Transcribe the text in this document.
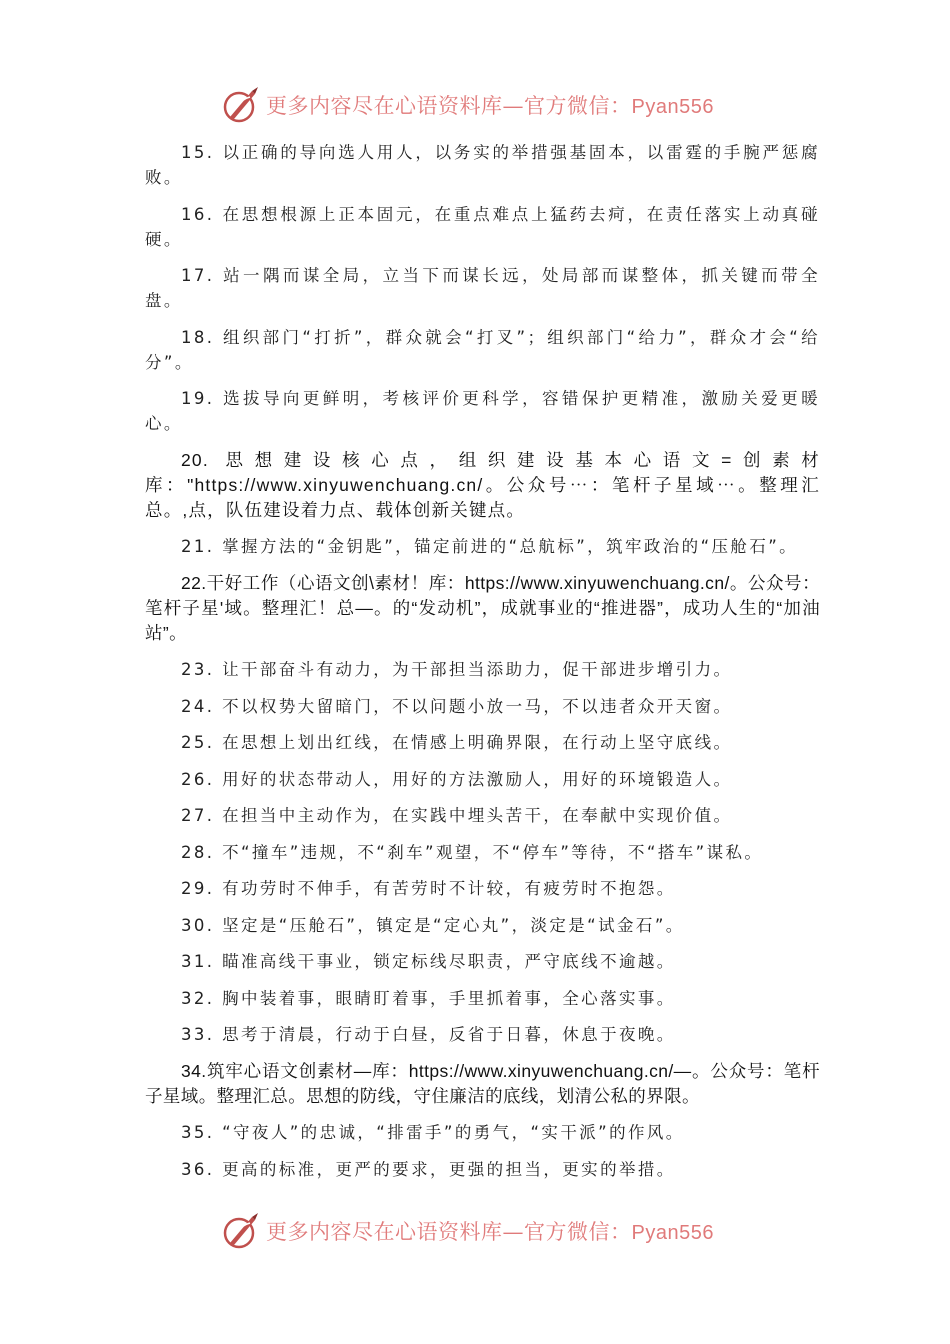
更多内容尽在心语资料库—官方微信：Pyan556

15. 以正确的导向选人用人，以务实的举措强基固本，以雷霆的手腕严惩腐败。

16. 在思想根源上正本固元，在重点难点上猛药去疴，在责任落实上动真碰硬。

17. 站一隅而谋全局，立当下而谋长远，处局部而谋整体，抓关键而带全盘。

18. 组织部门“打折”，群众就会“打叉”；组织部门“给力”，群众才会“给分”。

19. 选拔导向更鲜明，考核评价更科学，容错保护更精准，激励关爱更暖心。

20. 思想建设核心点，组织建设基本心语文=创素材库："https://www.xinyuwenchuang.cn/。公众号⋯：笔杆子星域⋯。整理汇总。,点，队伍建设着力点、载体创新关键点。

21. 掌握方法的“金钥匙”，锚定前进的“总航标”，筑牢政治的“压舱石”。

22.干好工作（心语文创\素材！库：https://www.xinyuwenchuang.cn/。公众号：笔杆子星'域。整理汇！总—。的“发动机”，成就事业的“推进器”，成功人生的“加油站”。

23. 让干部奋斗有动力，为干部担当添助力，促干部进步增引力。

24. 不以权势大留暗门，不以问题小放一马，不以违者众开天窗。

25. 在思想上划出红线，在情感上明确界限，在行动上坚守底线。

26. 用好的状态带动人，用好的方法激励人，用好的环境锻造人。

27. 在担当中主动作为，在实践中埋头苦干，在奉献中实现价值。

28. 不“撞车”违规，不“刹车”观望，不“停车”等待，不“搭车”谋私。

29. 有功劳时不伸手，有苦劳时不计较，有疲劳时不抱怨。

30. 坚定是“压舱石”，镇定是“定心丸”，淡定是“试金石”。

31. 瞄准高线干事业，锁定标线尽职责，严守底线不逾越。

32. 胸中装着事，眼睛盯着事，手里抓着事，全心落实事。

33. 思考于清晨，行动于白昼，反省于日暮，休息于夜晚。

34.筑牢心语文创素材—库：https://www.xinyuwenchuang.cn/—。公众号：笔杆子星域。整理汇总。思想的防线，守住廉洁的底线，划清公私的界限。

35. “守夜人”的忠诚，“排雷手”的勇气，“实干派”的作风。

36. 更高的标准，更严的要求，更强的担当，更实的举措。

更多内容尽在心语资料库—官方微信：Pyan556
